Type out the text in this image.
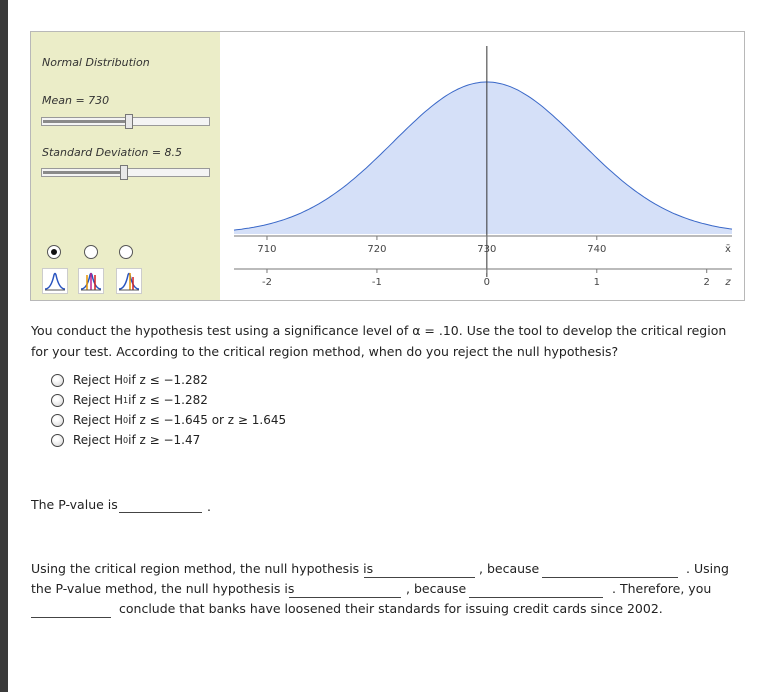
Normal Distribution
Mean = 730
Standard Deviation = 8.5
710	720	730	740	x̄
-2	-1	0	1	2 z
You conduct the hypothesis test using a significance level of α = .10. Use the tool to develop the critical region for your test. According to the critical region method, when do you reject the null hypothesis?
Reject H 0 if z ≤ −1.282
Reject H 1 if z ≤ −1.282
Reject H 0 if z ≤ −1.645 or z ≥ 1.645
Reject H 0 if z ≥ −1.47
The P-value is	.
Using the critical region method, the null hypothesis is	, because	. Using
the P-value method, the null hypothesis is	, because	. Therefore, you
conclude that banks have loosened their standards for issuing credit cards since 2002.
